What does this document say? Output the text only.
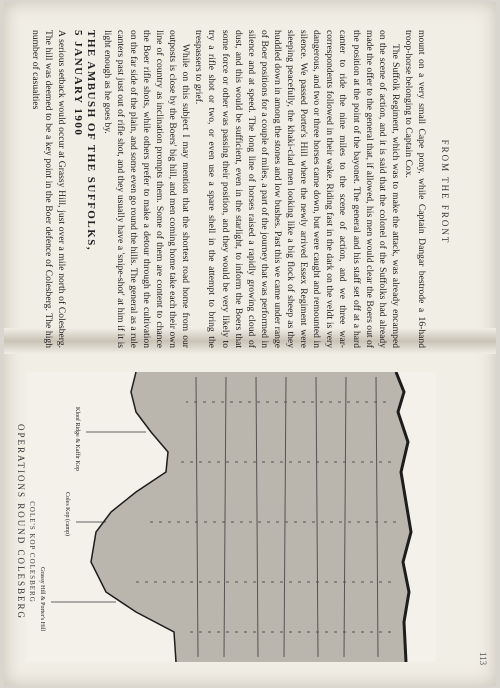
FROM THE FRONT

mount on a very small Cape pony, while Captain Dangar bestrode a 16-hand troop-horse belonging to Captain Cox.

The Suffolk Regiment, which was to make the attack, was already encamped on the scene of action, and it is said that the colonel of the Suffolks had already made the offer to the general that, if allowed, his men would clear the Boers out of the position at the point of the bayonet. The general and his staff set off at a hard canter to ride the nine miles to the scene of action, and we three war-correspondents followed in their wake. Riding fast in the dark on the veldt is very dangerous, and two or three horses came down, but were caught and remounted in silence. We passed Porter's Hill where the newly arrived Essex Regiment were sleeping peacefully, the khaki-clad men looking like a big flock of sheep as they huddled down in among the stones and low bushes. Past this we came under range of Boer positions for a couple of miles, a part of the journey that was performed in silence and at speed. The long line of horses raised a rapidly growing cloud of dust, and this would be sufficient, even in the starlight, to inform the Boers that some force or other was passing their position, and they would be very likely to try a rifle shot or two, or even use a spare shell in the attempt to bring the trespassers to grief.

While on this subject I may mention that the shortest road home from our outposts is close by the Boers' big hill, and men coming home take each their own line of country as inclination prompts them. Some of them are content to chance the Boer rifle shots, while others prefer to make a detour through the cultivation on the far side of the plain, and some even go round the hills. The general as a rule canters past just out of rifle shot, and they usually have a 'snipe-shot' at him if it is light enough as he goes by.

THE AMBUSH OF THE SUFFOLKS,
5 JANUARY 1900

A serious setback would occur at Grassy Hill, just over a mile north of Colesberg. The hill was deemed to be a key point in the Boer defence of Colesberg. The high number of casualties

Kloof Ridge & Kaffir Kop
Coles Kop (camp)
Grassy Hill & Porter's Hill
113
COLE'S KOP COLESBERG
OPERATIONS ROUND COLESBERG
